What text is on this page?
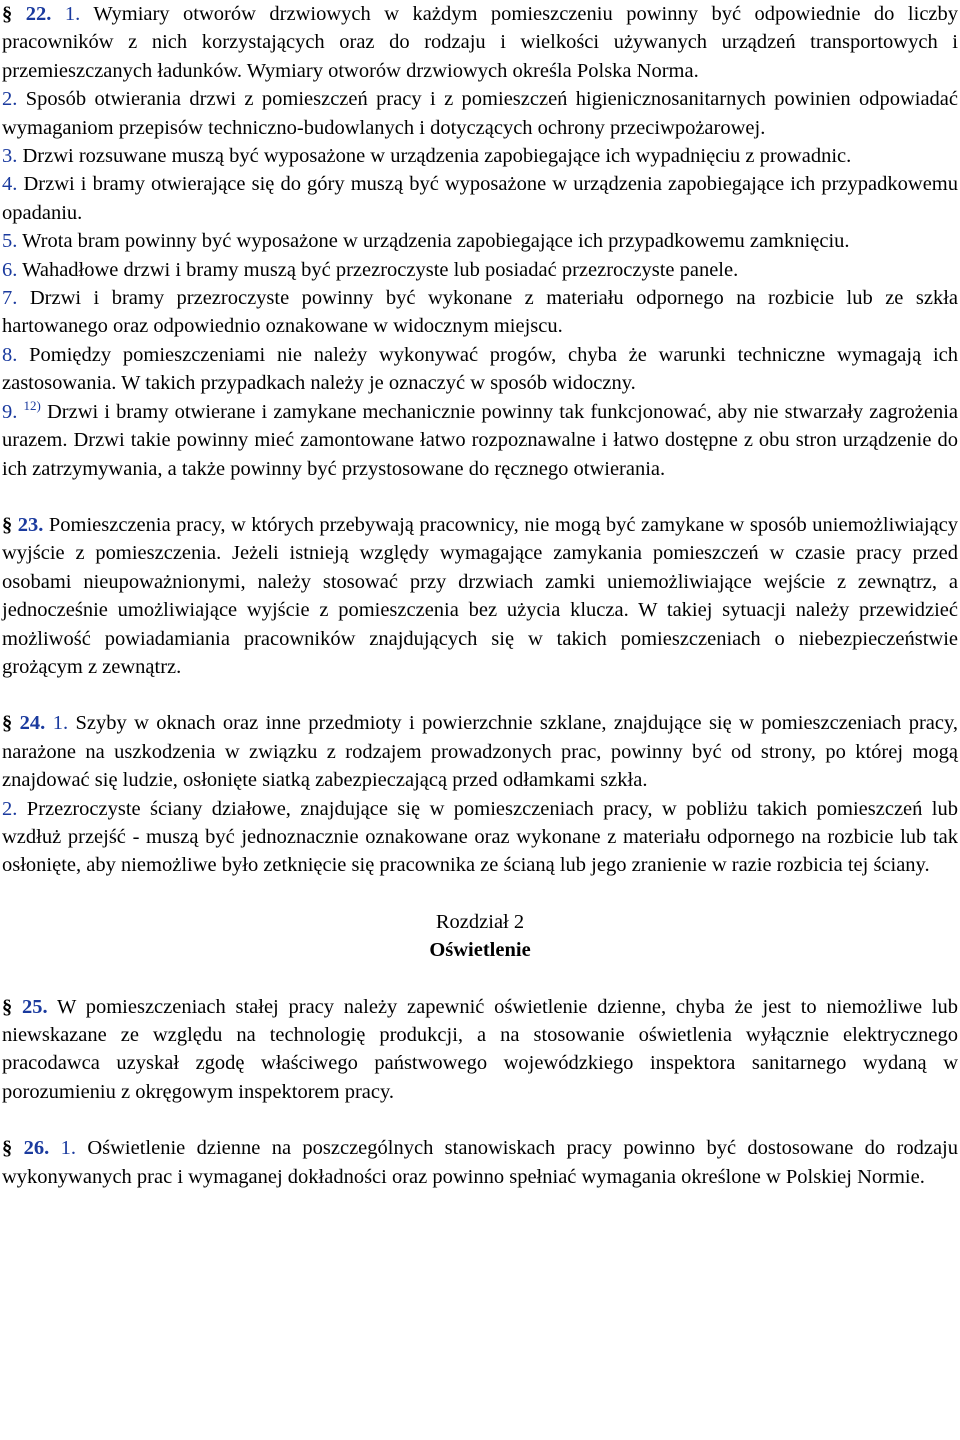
§ 22. 1. Wymiary otworów drzwiowych w każdym pomieszczeniu powinny być odpowiednie do liczby pracowników z nich korzystających oraz do rodzaju i wielkości używanych urządzeń transportowych i przemieszczanych ładunków. Wymiary otworów drzwiowych określa Polska Norma.

2. Sposób otwierania drzwi z pomieszczeń pracy i z pomieszczeń higienicznosanitarnych powinien odpowiadać wymaganiom przepisów techniczno-budowlanych i dotyczących ochrony przeciwpożarowej.

3. Drzwi rozsuwane muszą być wyposażone w urządzenia zapobiegające ich wypadnięciu z prowadnic.

4. Drzwi i bramy otwierające się do góry muszą być wyposażone w urządzenia zapobiegające ich przypadkowemu opadaniu.

5. Wrota bram powinny być wyposażone w urządzenia zapobiegające ich przypadkowemu zamknięciu.

6. Wahadłowe drzwi i bramy muszą być przezroczyste lub posiadać przezroczyste panele.

7. Drzwi i bramy przezroczyste powinny być wykonane z materiału odpornego na rozbicie lub ze szkła hartowanego oraz odpowiednio oznakowane w widocznym miejscu.

8. Pomiędzy pomieszczeniami nie należy wykonywać progów, chyba że warunki techniczne wymagają ich zastosowania. W takich przypadkach należy je oznaczyć w sposób widoczny.

9. $^{12)}$ Drzwi i bramy otwierane i zamykane mechanicznie powinny tak funkcjonować, aby nie stwarzały zagrożenia urazem. Drzwi takie powinny mieć zamontowane łatwo rozpoznawalne i łatwo dostępne z obu stron urządzenie do ich zatrzymywania, a także powinny być przystosowane do ręcznego otwierania.

§ 23. Pomieszczenia pracy, w których przebywają pracownicy, nie mogą być zamykane w sposób uniemożliwiający wyjście z pomieszczenia. Jeżeli istnieją względy wymagające zamykania pomieszczeń w czasie pracy przed osobami nieupoważnionymi, należy stosować przy drzwiach zamki uniemożliwiające wejście z zewnątrz, a jednocześnie umożliwiające wyjście z pomieszczenia bez użycia klucza. W takiej sytuacji należy przewidzieć możliwość powiadamiania pracowników znajdujących się w takich pomieszczeniach o niebezpieczeństwie grożącym z zewnątrz.

§ 24. 1. Szyby w oknach oraz inne przedmioty i powierzchnie szklane, znajdujące się w pomieszczeniach pracy, narażone na uszkodzenia w związku z rodzajem prowadzonych prac, powinny być od strony, po której mogą znajdować się ludzie, osłonięte siatką zabezpieczającą przed odłamkami szkła.

2. Przezroczyste ściany działowe, znajdujące się w pomieszczeniach pracy, w pobliżu takich pomieszczeń lub wzdłuż przejść - muszą być jednoznacznie oznakowane oraz wykonane z materiału odpornego na rozbicie lub tak osłonięte, aby niemożliwe było zetknięcie się pracownika ze ścianą lub jego zranienie w razie rozbicia tej ściany.

Rozdział 2

Oświetlenie

§ 25. W pomieszczeniach stałej pracy należy zapewnić oświetlenie dzienne, chyba że jest to niemożliwe lub niewskazane ze względu na technologię produkcji, a na stosowanie oświetlenia wyłącznie elektrycznego pracodawca uzyskał zgodę właściwego państwowego wojewódzkiego inspektora sanitarnego wydaną w porozumieniu z okręgowym inspektorem pracy.

§ 26. 1. Oświetlenie dzienne na poszczególnych stanowiskach pracy powinno być dostosowane do rodzaju wykonywanych prac i wymaganej dokładności oraz powinno spełniać wymagania określone w Polskiej Normie.
